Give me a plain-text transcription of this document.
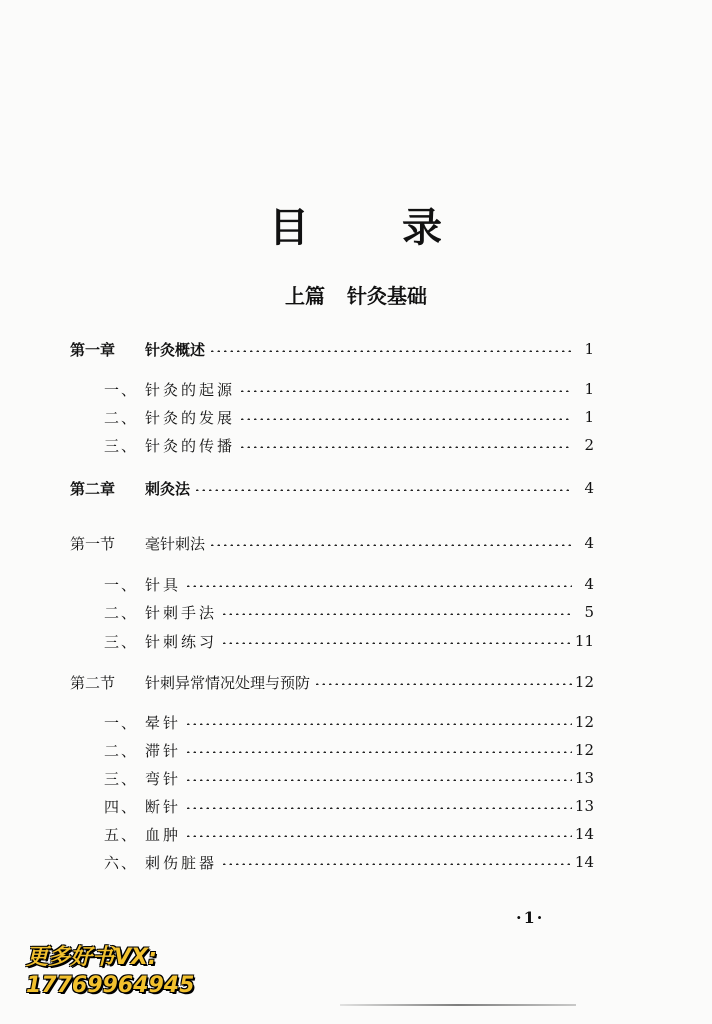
目 录
上篇 针灸基础
第一章 针灸概述	1
一、 针灸的起源	1
二、 针灸的发展	1
三、 针灸的传播	2
第二章 刺灸法	4
第一节 毫针刺法	4
一、 针具	4
二、 针刺手法	5
三、 针刺练习	11
第二节 针刺异常情况处理与预防	12
一、 晕针	12
二、 滞针	12
三、 弯针	13
四、 断针	13
五、 血肿	14
六、 刺伤脏器	14
·1·
更多好书VX:
17769964945
